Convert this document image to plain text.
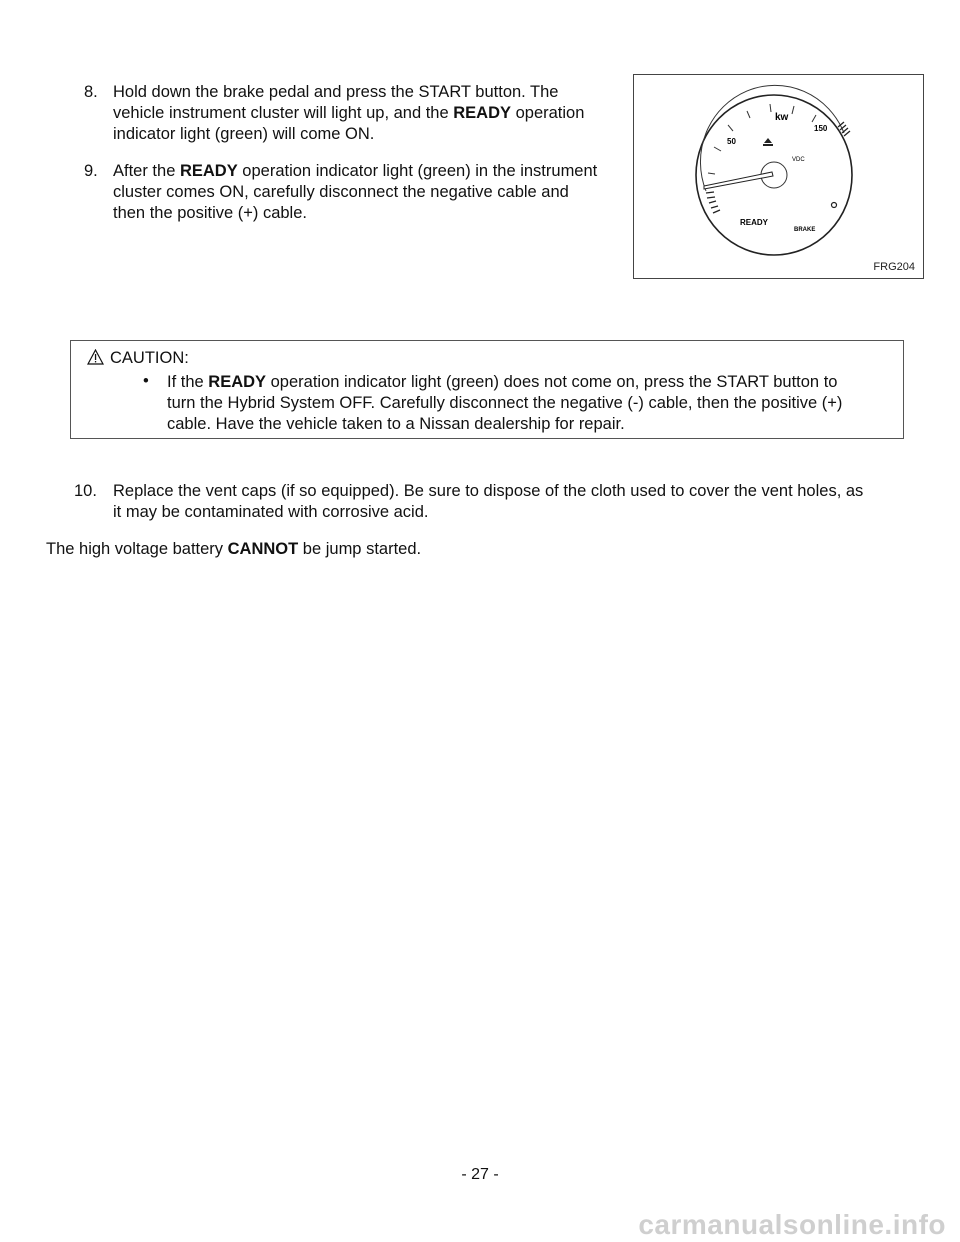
8. Hold down the brake pedal and press the START button. The
vehicle instrument cluster will light up, and the READY operation
indicator light (green) will come ON.
9. After the READY operation indicator light (green) in the instrument
cluster comes ON, carefully disconnect the negative cable and
then the positive (+) cable.
kw
50
150
VDC
READY
BRAKE
FRG204
CAUTION:
• If the READY operation indicator light (green) does not come on, press the START button to
turn the Hybrid System OFF. Carefully disconnect the negative (-) cable, then the positive (+)
cable. Have the vehicle taken to a Nissan dealership for repair.
10. Replace the vent caps (if so equipped). Be sure to dispose of the cloth used to cover the vent holes, as
it may be contaminated with corrosive acid.
The high voltage battery CANNOT be jump started.
- 27 -
carmanualsonline.info
